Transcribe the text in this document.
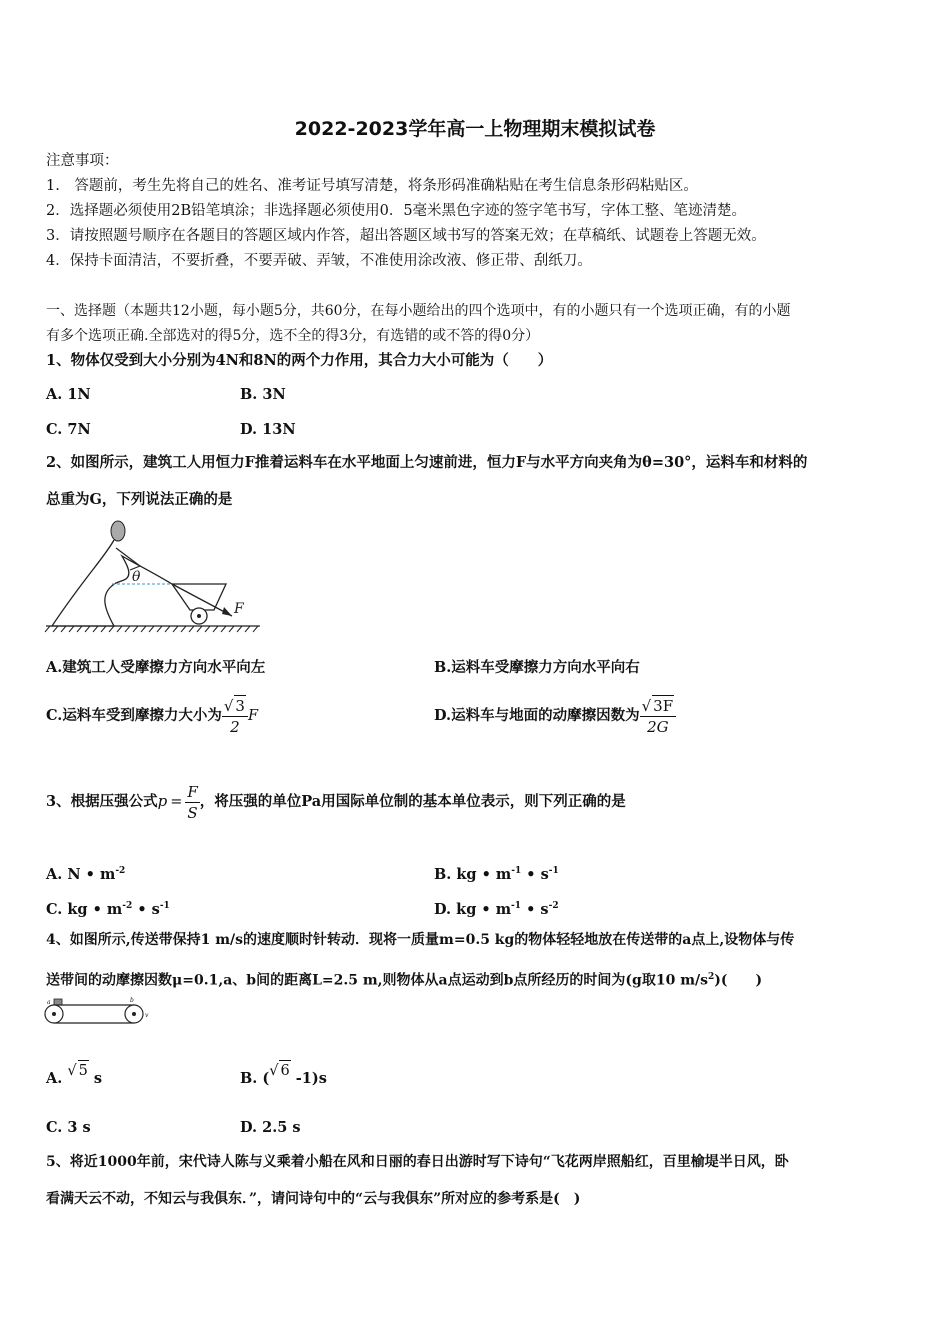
2022-2023学年高一上物理期末模拟试卷
注意事项：
1.　答题前，考生先将自己的姓名、准考证号填写清楚，将条形码准确粘贴在考生信息条形码粘贴区。
2．选择题必须使用2B铅笔填涂；非选择题必须使用0．5毫米黑色字迹的签字笔书写，字体工整、笔迹清楚。
3．请按照题号顺序在各题目的答题区域内作答，超出答题区域书写的答案无效；在草稿纸、试题卷上答题无效。
4．保持卡面清洁，不要折叠，不要弄破、弄皱，不准使用涂改液、修正带、刮纸刀。
一、选择题（本题共12小题，每小题5分，共60分，在每小题给出的四个选项中，有的小题只有一个选项正确，有的小题
有多个选项正确.全部选对的得5分，选不全的得3分，有选错的或不答的得0分）
1、物体仅受到大小分别为4N和8N的两个力作用，其合力大小可能为（　　）
A. 1N	B. 3N
C. 7N	D. 13N
2、如图所示，建筑工人用恒力F推着运料车在水平地面上匀速前进，恒力F与水平方向夹角为θ=30°，运料车和材料的
总重为G，下列说法正确的是
θ
F
A.建筑工人受摩擦力方向水平向左	B.运料车受摩擦力方向水平向右
C.运料车受到摩擦力大小为 $\frac{√ 3}{2}$ F	D.运料车与地面的动摩擦因数为 $\frac{√ 3F}{2G}$
3、根据压强公式$p = \frac{F}{S}$ ，将压强的单位Pa用国际单位制的基本单位表示，则下列正确的是
A. N • $m^{-2}$	B. kg • $m^{-1}$ • $s^{-1}$
C. kg • $m^{-2}$ • $s^{-1}$	D. kg • $m^{-1}$ • $s^{-2}$
4、如图所示,传送带保持1 m/s的速度顺时针转动．现将一质量m=0.5 kg的物体轻轻地放在传送带的a点上,设物体与传
送带间的动摩擦因数μ=0.1,a、b间的距离L=2.5 m,则物体从a点运动到b点所经历的时间为(g取10 $m/s^2$)(　　)
a	b
v
A. √ 5 s	B. (√ 6 -1)s
C. 3 s	D. 2.5 s
5、将近1000年前，宋代诗人陈与义乘着小船在风和日丽的春日出游时写下诗句“飞花两岸照船红，百里榆堤半日风，卧
看满天云不动，不知云与我俱东．”，请问诗句中的“云与我俱东”所对应的参考系是(　)
